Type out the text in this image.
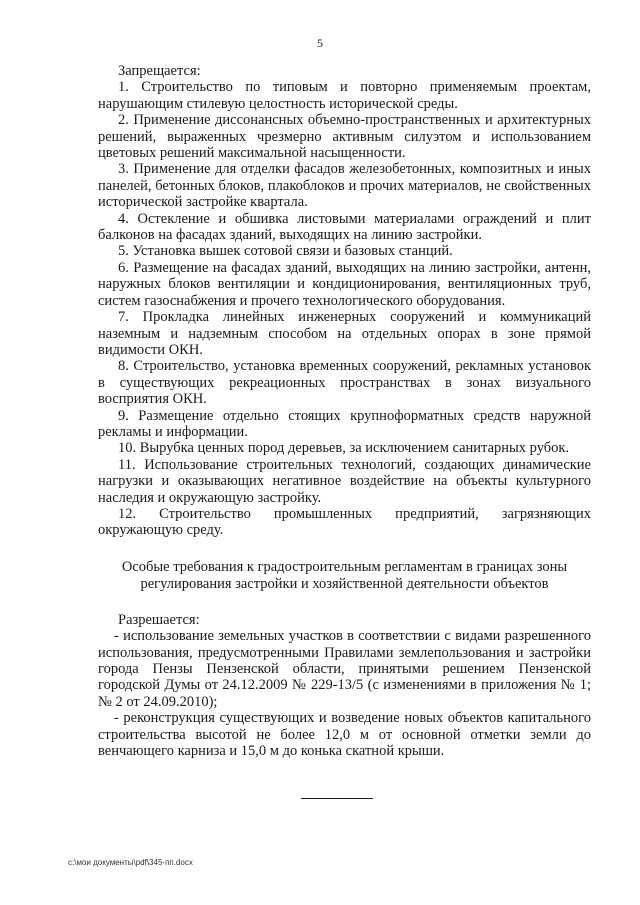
5

Запрещается:

1. Строительство по типовым и повторно применяемым проектам, нарушающим стилевую целостность исторической среды.

2. Применение диссонансных объемно-пространственных и архитектурных решений, выраженных чрезмерно активным силуэтом и использованием цветовых решений максимальной насыщенности.

3. Применение для отделки фасадов железобетонных, композитных и иных панелей, бетонных блоков, плакоблоков и прочих материалов, не свойственных исторической застройке квартала.

4. Остекление и обшивка листовыми материалами ограждений и плит балконов на фасадах зданий, выходящих на линию застройки.

5. Установка вышек сотовой связи и базовых станций.

6. Размещение на фасадах зданий, выходящих на линию застройки, антенн, наружных блоков вентиляции и кондиционирования, вентиляционных труб, систем газоснабжения и прочего технологического оборудования.

7. Прокладка линейных инженерных сооружений и коммуникаций наземным и надземным способом на отдельных опорах в зоне прямой видимости ОКН.

8. Строительство, установка временных сооружений, рекламных установок в существующих рекреационных пространствах в зонах визуального восприятия ОКН.

9. Размещение отдельно стоящих крупноформатных средств наружной рекламы и информации.

10. Вырубка ценных пород деревьев, за исключением санитарных рубок.

11. Использование строительных технологий, создающих динамические нагрузки и оказывающих негативное воздействие на объекты культурного наследия и окружающую застройку.

12. Строительство промышленных предприятий, загрязняющих окружающую среду.

Особые требования к градостроительным регламентам в границах зоны регулирования застройки и хозяйственной деятельности объектов

Разрешается:

- использование земельных участков в соответствии с видами разрешенного использования, предусмотренными Правилами землепользования и застройки города Пензы Пензенской области, принятыми решением Пензенской городской Думы от 24.12.2009 № 229-13/5 (с изменениями в приложения № 1; № 2 от 24.09.2010);

- реконструкция существующих и возведение новых объектов капитального строительства высотой не более 12,0 м от основной отметки земли до венчающего карниза и 15,0 м до конька скатной крыши.

c:\мои документы\pdf\345-пп.docx
